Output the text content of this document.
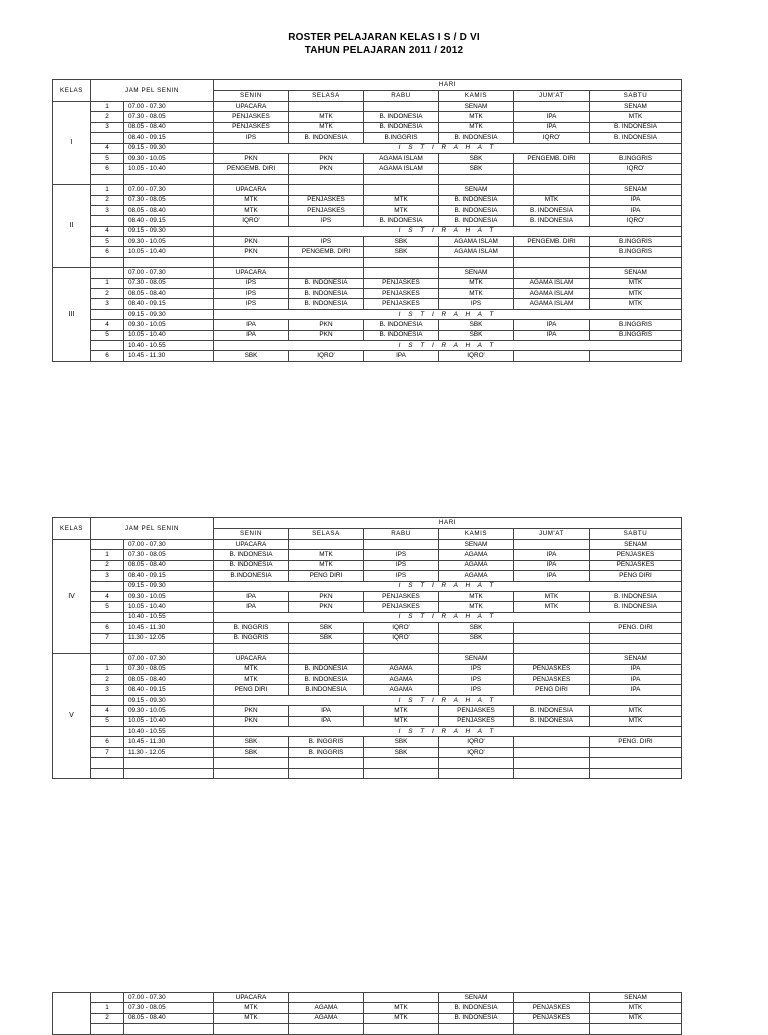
ROSTER PELAJARAN KELAS I S / D VI
TAHUN PELAJARAN 2011 / 2012
KELAS	JAM PEL SENIN		HARI	

			SENIN	SELASA	RABU	KAMIS	JUM'AT	SABTU	
I	1	07.00 - 07.30	UPACARA			SENAM		SENAM	
	2	07.30 - 08.05	PENJASKES	MTK	B. INDONESIA	MTK	IPA	MTK	
	3	08.05 - 08.40	PENJASKES	MTK	B. INDONESIA	MTK	IPA	B. INDONESIA	
		08.40 - 09.15	IPS	B. INDONESIA	B.INGGRIS	B. INDONESIA	IQRO'	B. INDONESIA	
	4	09.15 - 09.30	I S T I R A H A T						
	5	09.30 - 10.05	PKN	PKN	AGAMA ISLAM	SBK	PENGEMB. DIRI	B.INGGRIS	
	6	10.05 - 10.40	PENGEMB. DIRI	PKN	AGAMA ISLAM	SBK		IQRO'	

II	1	07.00 - 07.30	UPACARA			SENAM		SENAM	
	2	07.30 - 08.05	MTK	PENJASKES	MTK	B. INDONESIA	MTK	IPA	
	3	08.05 - 08.40	MTK	PENJASKES	MTK	B. INDONESIA	B. INDONESIA	IPA	
		08.40 - 09.15	IQRO'	IPS	B. INDONESIA	B. INDONESIA	B. INDONESIA	IQRO'	
	4	09.15 - 09.30	I S T I R A H A T						
	5	09.30 - 10.05	PKN	IPS	SBK	AGAMA ISLAM	PENGEMB. DIRI	B.INGGRIS	
	6	10.05 - 10.40	PKN	PENGEMB. DIRI	SBK	AGAMA ISLAM		B.INGGRIS	

III		07.00 - 07.30	UPACARA			SENAM		SENAM	
	1	07.30 - 08.05	IPS	B. INDONESIA	PENJASKES	MTK	AGAMA ISLAM	MTK	
	2	08.05 - 08.40	IPS	B. INDONESIA	PENJASKES	MTK	AGAMA ISLAM	MTK	
	3	08.40 - 09.15	IPS	B. INDONESIA	PENJASKES	IPS	AGAMA ISLAM	MTK	
		09.15 - 09.30	I S T I R A H A T						
	4	09.30 - 10.05	IPA	PKN	B. INDONESIA	SBK	IPA	B.INGGRIS	
	5	10.05 - 10.40	IPA	PKN	B. INDONESIA	SBK	IPA	B.INGGRIS	
		10.40 - 10.55	I S T I R A H A T						
	6	10.45 - 11.30	SBK	IQRO'	IPA	IQRO'			
KELAS	JAM PEL SENIN		HARI	

			SENIN	SELASA	RABU	KAMIS	JUM'AT	SABTU	
IV		07.00 - 07.30	UPACARA			SENAM		SENAM	
	1	07.30 - 08.05	B. INDONESIA	MTK	IPS	AGAMA	IPA	PENJASKES	
	2	08.05 - 08.40	B. INDONESIA	MTK	IPS	AGAMA	IPA	PENJASKES	
	3	08.40 - 09.15	B.INDONESIA	PENG DIRI	IPS	AGAMA	IPA	PENG DIRI	
		09.15 - 09.30	I S T I R A H A T						
	4	09.30 - 10.05	IPA	PKN	PENJASKES	MTK	MTK	B. INDONESIA	
	5	10.05 - 10.40	IPA	PKN	PENJASKES	MTK	MTK	B. INDONESIA	
		10.40 - 10.55	I S T I R A H A T						
	6	10.45 - 11.30	B. INGGRIS	SBK	IQRO'	SBK		PENG. DIRI	
	7	11.30 - 12.05	B. INGGRIS	SBK	IQRO'	SBK			

V		07.00 - 07.30	UPACARA			SENAM		SENAM	
	1	07.30 - 08.05	MTK	B. INDONESIA	AGAMA	IPS	PENJASKES	IPA	
	2	08.05 - 08.40	MTK	B. INDONESIA	AGAMA	IPS	PENJASKES	IPA	
	3	08.40 - 09.15	PENG DIRI	B.INDONESIA	AGAMA	IPS	PENG DIRI	IPA	
		09.15 - 09.30	I S T I R A H A T						
	4	09.30 - 10.05	PKN	IPA	MTK	PENJASKES	B. INDONESIA	MTK	
	5	10.05 - 10.40	PKN	IPA	MTK	PENJASKES	B. INDONESIA	MTK	
		10.40 - 10.55	I S T I R A H A T						
	6	10.45 - 11.30	SBK	B. INGGRIS	SBK	IQRO'		PENG. DIRI	
	7	11.30 - 12.05	SBK	B. INGGRIS	SBK	IQRO'			

		07.00 - 07.30	UPACARA			SENAM		SENAM	
	1	07.30 - 08.05	MTK	AGAMA	MTK	B. INDONESIA	PENJASKES	MTK	
	2	08.05 - 08.40	MTK	AGAMA	MTK	B. INDONESIA	PENJASKES	MTK	
